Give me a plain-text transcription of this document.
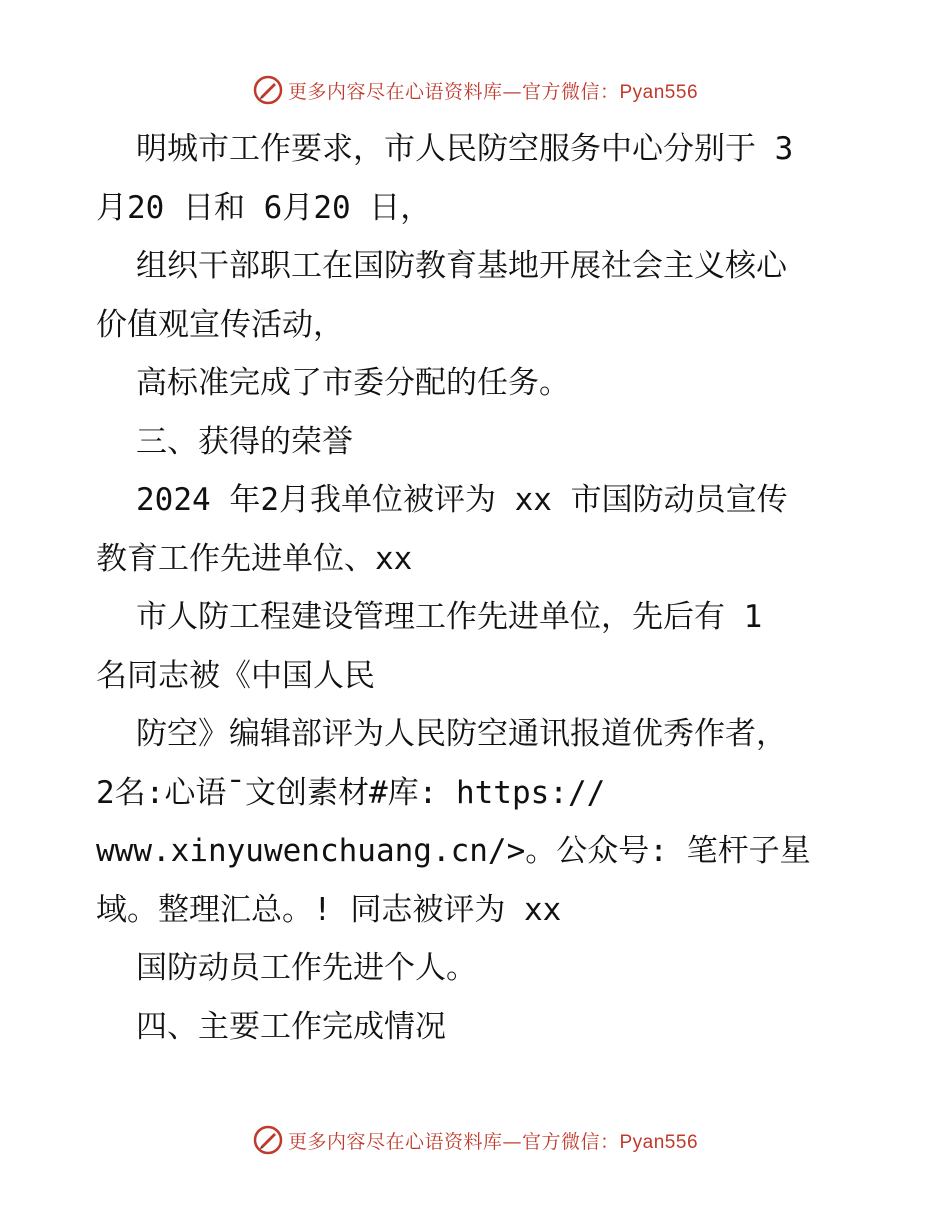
更多内容尽在心语资料库—官方微信：Pyan556
明城市工作要求，市人民防空服务中心分别于 3
月20 日和 6月20 日，
组织干部职工在国防教育基地开展社会主义核心
价值观宣传活动，
高标准完成了市委分配的任务。
三、获得的荣誉
2024 年2月我单位被评为 xx 市国防动员宣传
教育工作先进单位、xx
市人防工程建设管理工作先进单位，先后有 1
名同志被《中国人民
防空》编辑部评为人民防空通讯报道优秀作者，
2名:心语¯文创素材#库: https://
www.xinyuwenchuang.cn/>。公众号: 笔杆子星
域。整理汇总。! 同志被评为 xx
国防动员工作先进个人。
四、主要工作完成情况
更多内容尽在心语资料库—官方微信：Pyan556
